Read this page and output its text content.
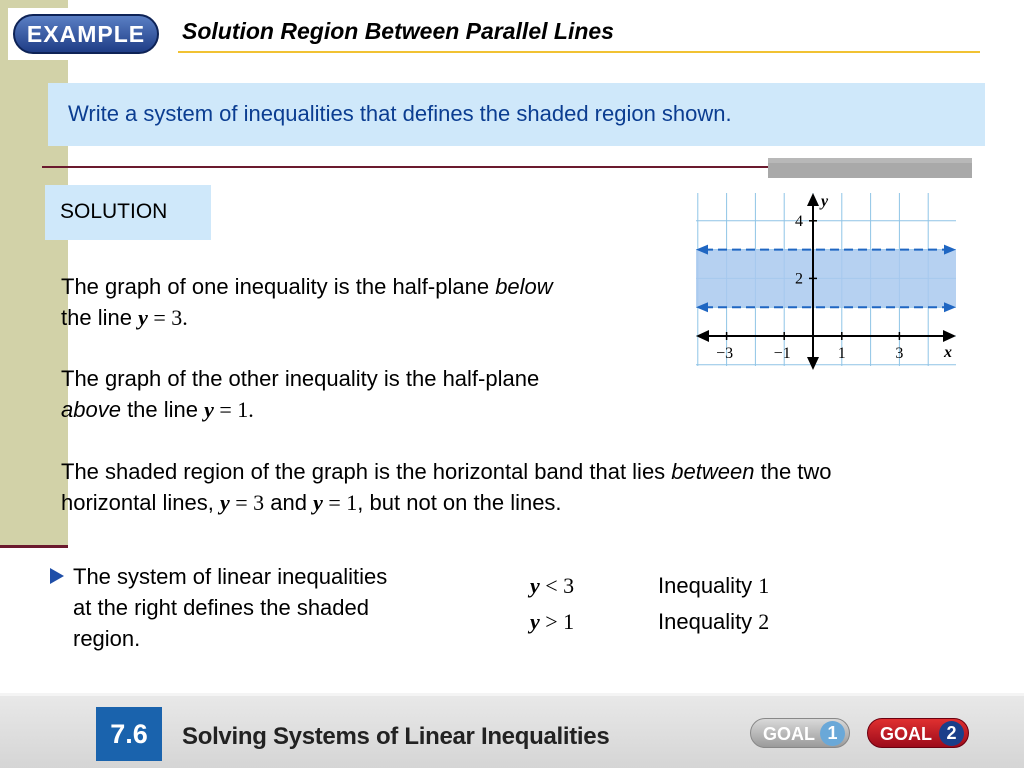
EXAMPLE	Solution Region Between Parallel Lines
Write a system of inequalities that defines the shaded region shown.
SOLUTION
The graph of one inequality is the half-plane below
the line y = 3.
The graph of the other inequality is the half-plane
above the line y = 1.
The shaded region of the graph is the horizontal band that lies between the two
horizontal lines, y = 3 and y = 1, but not on the lines.
y
x
4
2
−3	−1	1	3
The system of linear inequalities at the right defines the shaded region.
y < 3	Inequality 1
y > 1	Inequality 2
7.6	Solving Systems of Linear Inequalities	GOAL 1	GOAL 2
